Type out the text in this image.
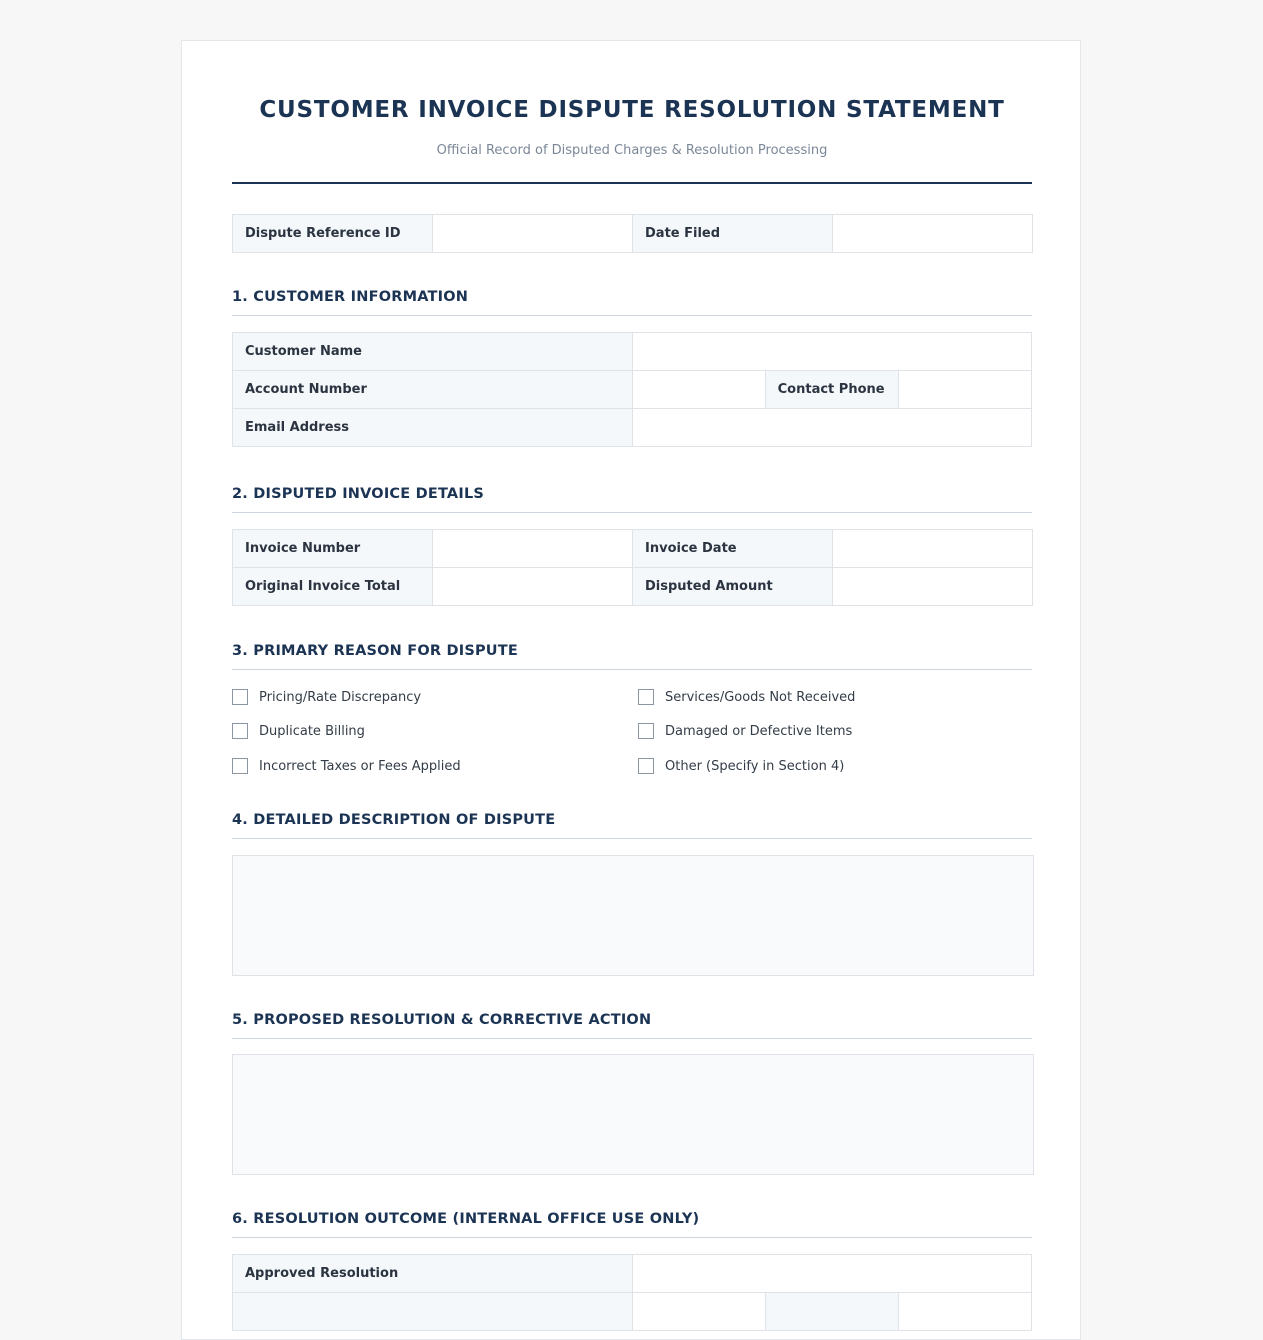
CUSTOMER INVOICE DISPUTE RESOLUTION STATEMENT
Official Record of Disputed Charges & Resolution Processing
Dispute Reference ID		Date Filed	
1. CUSTOMER INFORMATION
Customer Name			
Account Number		Contact Phone	
Email Address			
2. DISPUTED INVOICE DETAILS
Invoice Number		Invoice Date	
Original Invoice Total		Disputed Amount	
3. PRIMARY REASON FOR DISPUTE
Pricing/Rate Discrepancy	Services/Goods Not Received
Duplicate Billing	Damaged or Defective Items
Incorrect Taxes or Fees Applied	Other (Specify in Section 4)
4. DETAILED DESCRIPTION OF DISPUTE
5. PROPOSED RESOLUTION & CORRECTIVE ACTION
6. RESOLUTION OUTCOME (INTERNAL OFFICE USE ONLY)
Approved Resolution			
